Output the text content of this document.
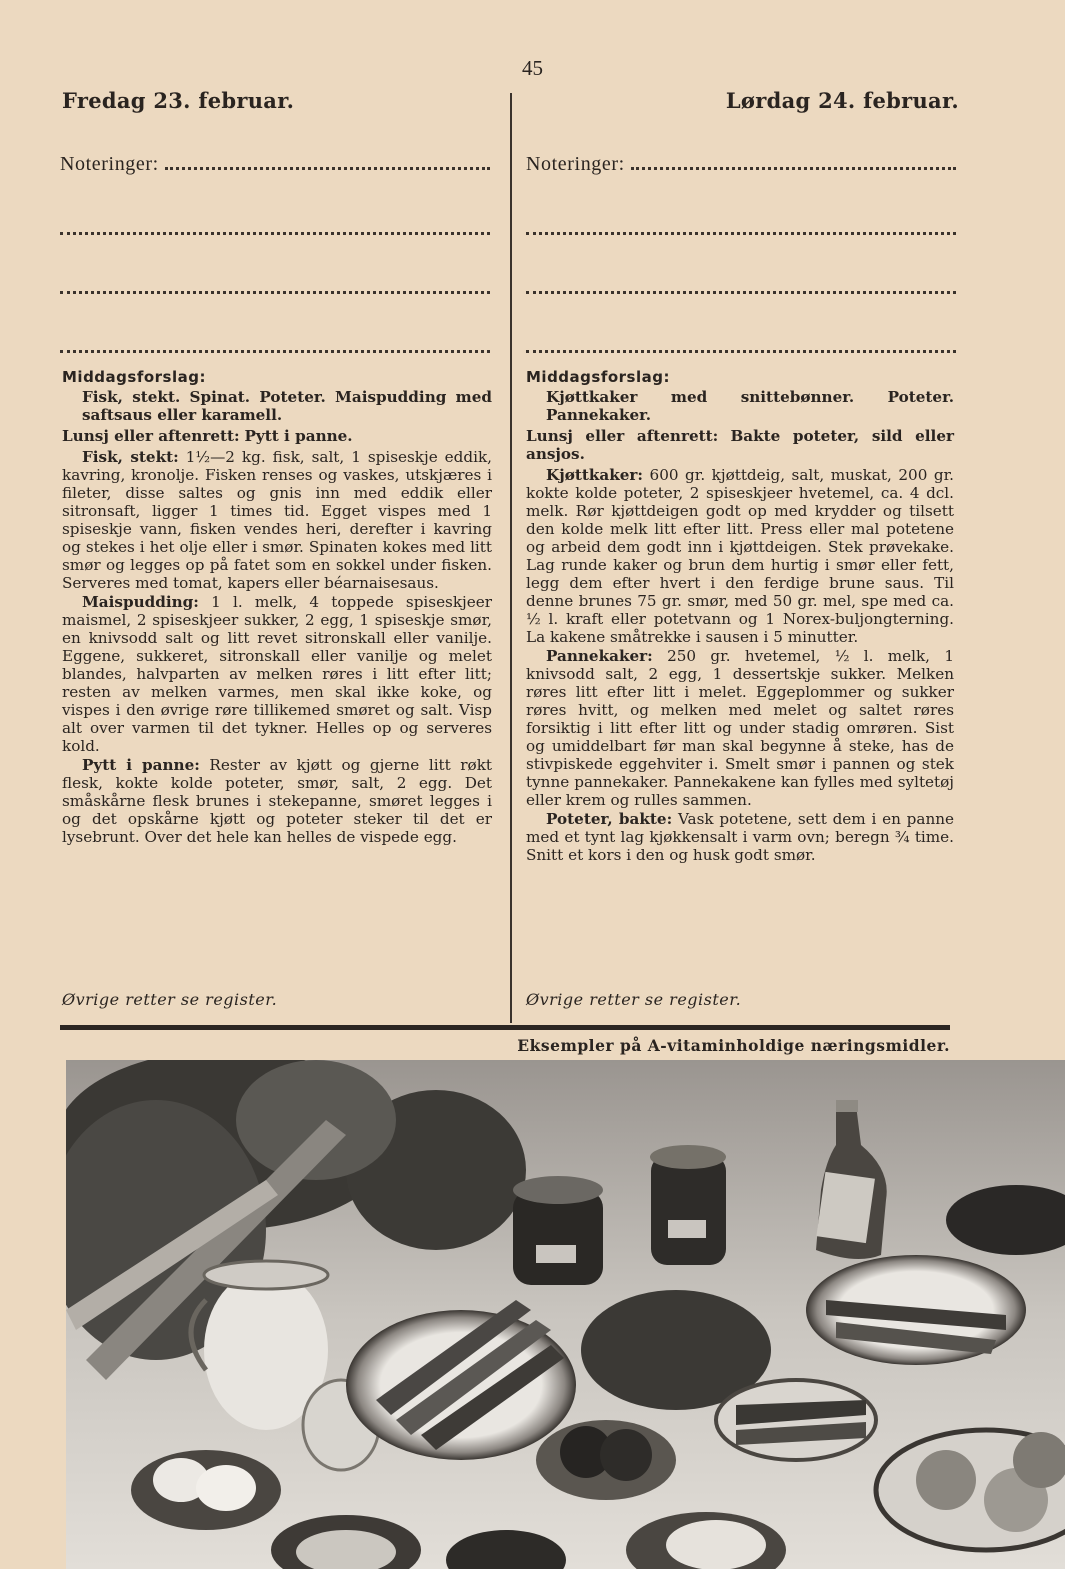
45
Fredag 23. februar.	Lørdag 24. februar.
Noteringer:	Noteringer:
Middagsforslag:

Fisk, stekt. Spinat. Poteter. Maispudding med saftsaus eller karamell.

Lunsj eller aftenrett: Pytt i panne.

Fisk, stekt: 1½—2 kg. fisk, salt, 1 spiseskje eddik, kavring, kronolje. Fisken renses og vaskes, utskjæres i fileter, disse saltes og gnis inn med eddik eller sitronsaft, ligger 1 times tid. Egget vispes med 1 spiseskje vann, fisken vendes heri, derefter i kavring og stekes i het olje eller i smør. Spinaten kokes med litt smør og legges op på fatet som en sokkel under fisken. Serveres med tomat, kapers eller béarnaisesaus.

Maispudding: 1 l. melk, 4 toppede spiseskjeer maismel, 2 spiseskjeer sukker, 2 egg, 1 spiseskje smør, en knivsodd salt og litt revet sitronskall eller vanilje. Eggene, sukkeret, sitronskall eller vanilje og melet blandes, halvparten av melken røres i litt efter litt; resten av melken varmes, men skal ikke koke, og vispes i den øvrige røre tillikemed smøret og salt. Visp alt over varmen til det tykner. Helles op og serveres kold.

Pytt i panne: Rester av kjøtt og gjerne litt røkt flesk, kokte kolde poteter, smør, salt, 2 egg. Det småskårne flesk brunes i stekepanne, smøret legges i og det opskårne kjøtt og poteter steker til det er lysebrunt. Over det hele kan helles de vispede egg.

Middagsforslag:

Kjøttkaker med snittebønner. Poteter. Pannekaker.

Lunsj eller aftenrett: Bakte poteter, sild eller ansjos.

Kjøttkaker: 600 gr. kjøttdeig, salt, muskat, 200 gr. kokte kolde poteter, 2 spiseskjeer hvetemel, ca. 4 dcl. melk. Rør kjøttdeigen godt op med krydder og tilsett den kolde melk litt efter litt. Press eller mal potetene og arbeid dem godt inn i kjøttdeigen. Stek prøvekake. Lag runde kaker og brun dem hurtig i smør eller fett, legg dem efter hvert i den ferdige brune saus. Til denne brunes 75 gr. smør, med 50 gr. mel, spe med ca. ½ l. kraft eller potetvann og 1 Norex-buljongterning. La kakene småtrekke i sausen i 5 minutter.

Pannekaker: 250 gr. hvetemel, ½ l. melk, 1 knivsodd salt, 2 egg, 1 dessertskje sukker. Melken røres litt efter litt i melet. Eggeplommer og sukker røres hvitt, og melken med melet og saltet røres forsiktig i litt efter litt og under stadig omrøren. Sist og umiddelbart før man skal begynne å steke, has de stivpiskede eggehviter i. Smelt smør i pannen og stek tynne pannekaker. Pannekakene kan fylles med syltetøj eller krem og rulles sammen.

Poteter, bakte: Vask potetene, sett dem i en panne med et tynt lag kjøkkensalt i varm ovn; beregn ¾ time. Snitt et kors i den og husk godt smør.

Øvrige retter se register.	Øvrige retter se register.
Eksempler på A-vitaminholdige næringsmidler.
